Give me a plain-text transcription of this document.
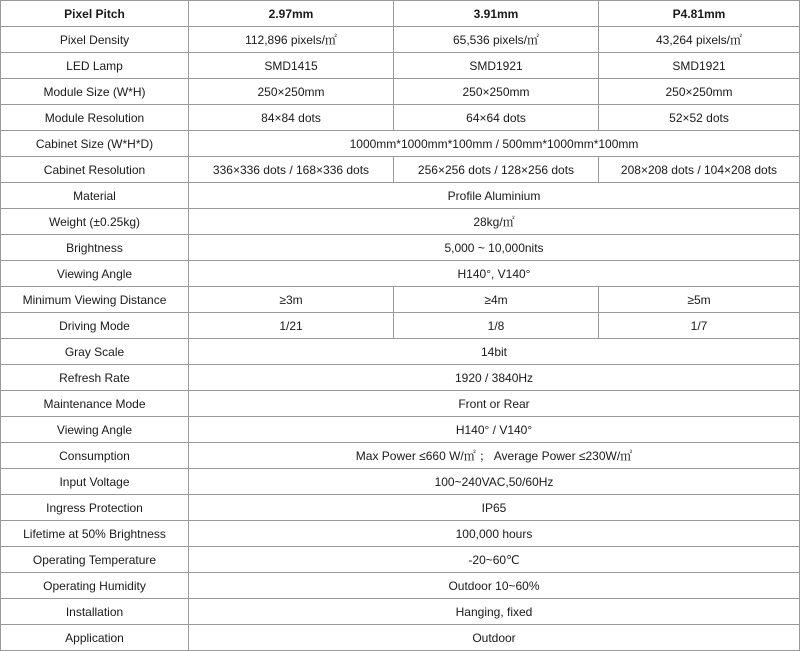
Pixel Pitch	2.97mm	3.91mm	P4.81mm
Pixel Density	112,896 pixels/㎡	65,536 pixels/㎡	43,264 pixels/㎡
LED Lamp	SMD1415	SMD1921	SMD1921
Module Size (W*H)	250×250mm	250×250mm	250×250mm
Module Resolution	84×84 dots	64×64 dots	52×52 dots
Cabinet Size (W*H*D)	1000mm*1000mm*100mm / 500mm*1000mm*100mm		
Cabinet Resolution	336×336 dots / 168×336 dots	256×256 dots / 128×256 dots	208×208 dots / 104×208 dots
Material	Profile Aluminium		
Weight (±0.25kg)	28kg/㎡		
Brightness	5,000 ~ 10,000nits		
Viewing Angle	H140°, V140°		
Minimum Viewing Distance	≥3m	≥4m	≥5m
Driving Mode	1/21	1/8	1/7
Gray Scale	14bit		
Refresh Rate	1920 / 3840Hz		
Maintenance Mode	Front or Rear		
Viewing Angle	H140° / V140°		
Consumption	Max Power ≤660 W/㎡ ； Average Power ≤230W/㎡		
Input Voltage	100~240VAC,50/60Hz		
Ingress Protection	IP65		
Lifetime at 50% Brightness	100,000 hours		
Operating Temperature	-20~60℃		
Operating Humidity	Outdoor 10~60%		
Installation	Hanging, fixed		
Application	Outdoor		
